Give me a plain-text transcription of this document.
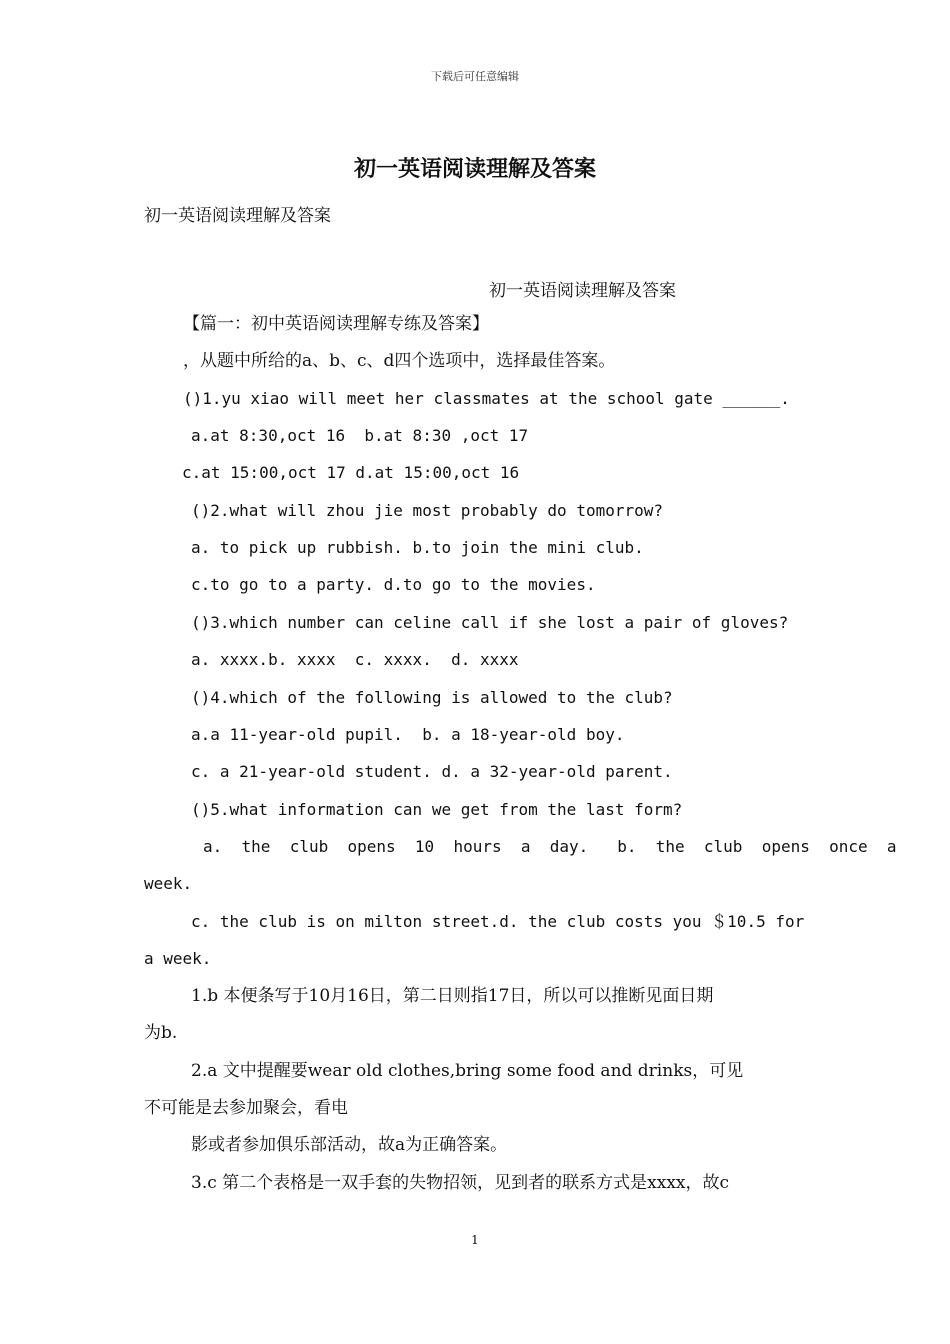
下载后可任意编辑
初一英语阅读理解及答案
初一英语阅读理解及答案
初一英语阅读理解及答案
【篇一：初中英语阅读理解专练及答案】
，从题中所给的a、b、c、d四个选项中，选择最佳答案。
()1.yu xiao will meet her classmates at the school gate ______.
a.at 8:30,oct 16  b.at 8:30 ,oct 17
c.at 15:00,oct 17 d.at 15:00,oct 16
()2.what will zhou jie most probably do tomorrow?
a. to pick up rubbish. b.to join the mini club.
c.to go to a party. d.to go to the movies.
()3.which number can celine call if she lost a pair of gloves?
a. xxxx.b. xxxx  c. xxxx.  d. xxxx
()4.which of the following is allowed to the club?
a.a 11-year-old pupil.  b. a 18-year-old boy.
c. a 21-year-old student. d. a 32-year-old parent.
()5.what information can we get from the last form?
a.  the  club  opens  10  hours  a  day.   b.  the  club  opens  once  a
week.
c. the club is on milton street.d. the club costs you ＄10.5 for
a week.
1.b 本便条写于10月16日，第二日则指17日，所以可以推断见面日期
为b.
2.a 文中提醒要wear old clothes,bring some food and drinks，可见
不可能是去参加聚会，看电
影或者参加俱乐部活动，故a为正确答案。
3.c 第二个表格是一双手套的失物招领，见到者的联系方式是xxxx，故c
1
